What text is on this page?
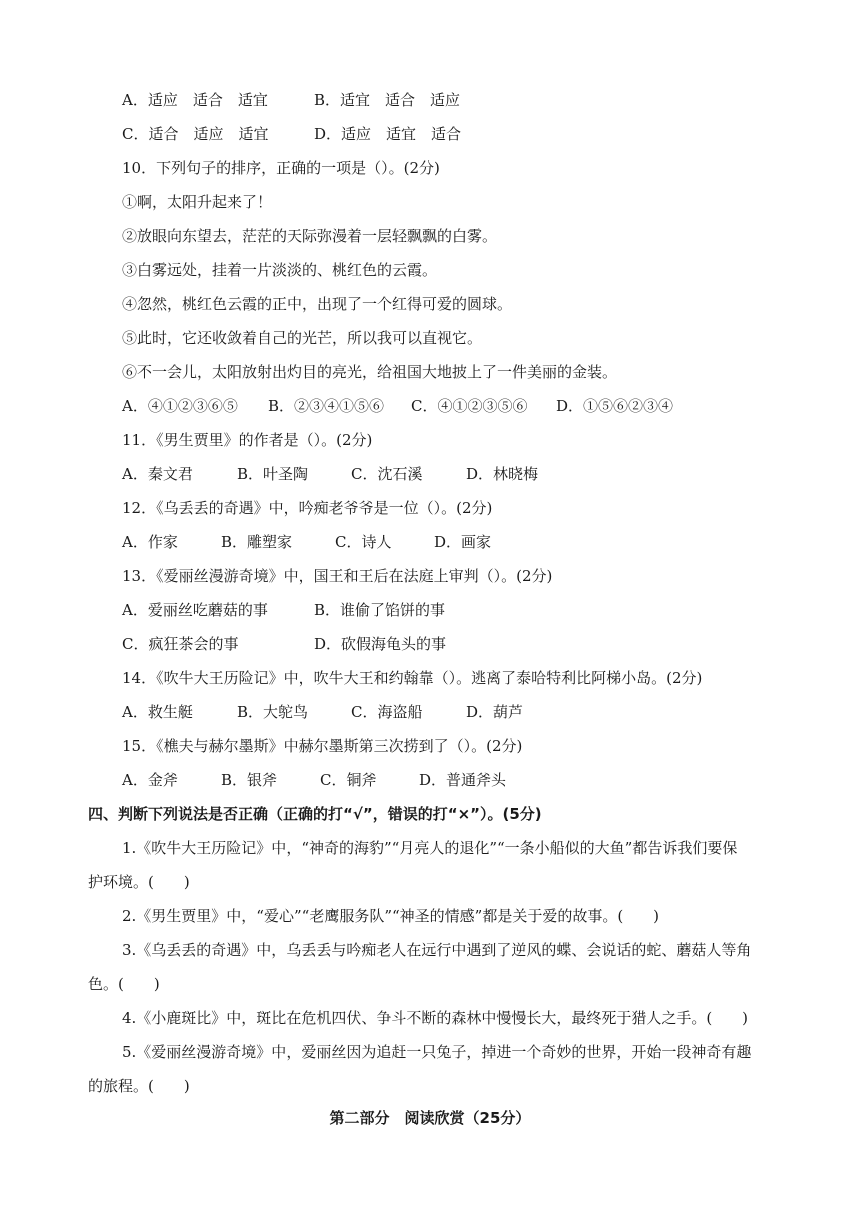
A．适应　适合　适宜	B．适宜　适合　适应
C．适合　适应　适宜	D．适应　适宜　适合
10．下列句子的排序，正确的一项是（）。(2分)
①啊，太阳升起来了！
②放眼向东望去，茫茫的天际弥漫着一层轻飘飘的白雾。
③白雾远处，挂着一片淡淡的、桃红色的云霞。
④忽然，桃红色云霞的正中，出现了一个红得可爱的圆球。
⑤此时，它还收敛着自己的光芒，所以我可以直视它。
⑥不一会儿，太阳放射出灼目的亮光，给祖国大地披上了一件美丽的金装。
A．④①②③⑥⑤ B．②③④①⑤⑥ C．④①②③⑤⑥ D．①⑤⑥②③④
11．《男生贾里》的作者是（）。(2分)
A．秦文君	B．叶圣陶	C．沈石溪	D．林晓梅
12．《乌丢丢的奇遇》中，吟痴老爷爷是一位（）。(2分)
A．作家	B．雕塑家	C．诗人	D．画家
13．《爱丽丝漫游奇境》中，国王和王后在法庭上审判（）。(2分)
A．爱丽丝吃蘑菇的事	B．谁偷了馅饼的事
C．疯狂茶会的事	D．砍假海龟头的事
14．《吹牛大王历险记》中，吹牛大王和约翰靠（）。逃离了泰哈特利比阿梯小岛。(2分)
A．救生艇	B．大鸵鸟	C．海盗船	D．葫芦
15．《樵夫与赫尔墨斯》中赫尔墨斯第三次捞到了（）。(2分)
A．金斧	B．银斧	C．铜斧	D．普通斧头
四、判断下列说法是否正确（正确的打“√”，错误的打“×”）。(5分)
1.《吹牛大王历险记》中，“神奇的海豹”“月亮人的退化”“一条小船似的大鱼”都告诉我们要保
护环境。(　　)
2.《男生贾里》中，“爱心”“老鹰服务队”“神圣的情感”都是关于爱的故事。(　　)
3.《乌丢丢的奇遇》中，乌丢丢与吟痴老人在远行中遇到了逆风的蝶、会说话的蛇、蘑菇人等角
色。(　　)
4.《小鹿斑比》中，斑比在危机四伏、争斗不断的森林中慢慢长大，最终死于猎人之手。(　　)
5.《爱丽丝漫游奇境》中，爱丽丝因为追赶一只兔子，掉进一个奇妙的世界，开始一段神奇有趣
的旅程。(　　)
第二部分　阅读欣赏（25分）
